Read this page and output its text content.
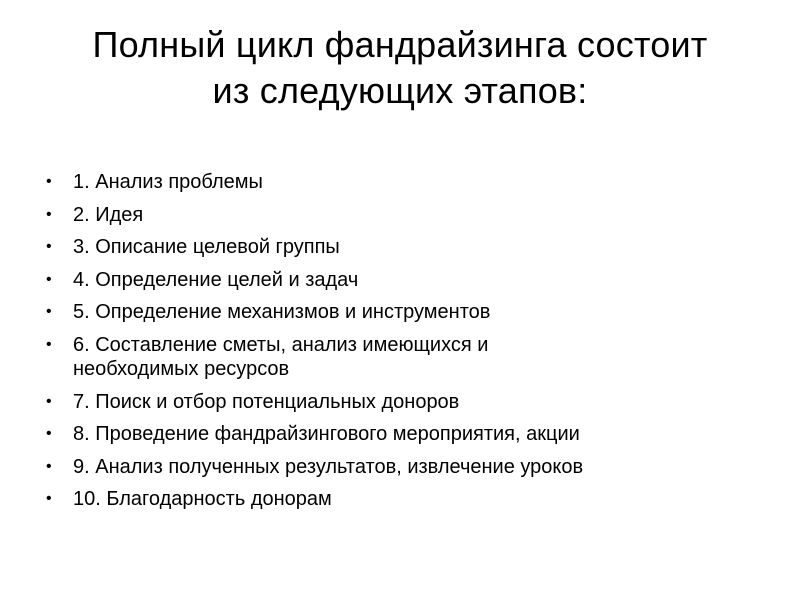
Полный цикл фандрайзинга состоит
из следующих этапов:
•	1. Анализ проблемы
•	2. Идея
•	3. Описание целевой группы
•	4. Определение целей и задач
•	5. Определение механизмов и инструментов
•	6. Составление сметы, анализ имеющихся и
необходимых ресурсов
•	7. Поиск и отбор потенциальных доноров
•	8. Проведение фандрайзингового мероприятия, акции
•	9. Анализ полученных результатов, извлечение уроков
•	10. Благодарность донорам
